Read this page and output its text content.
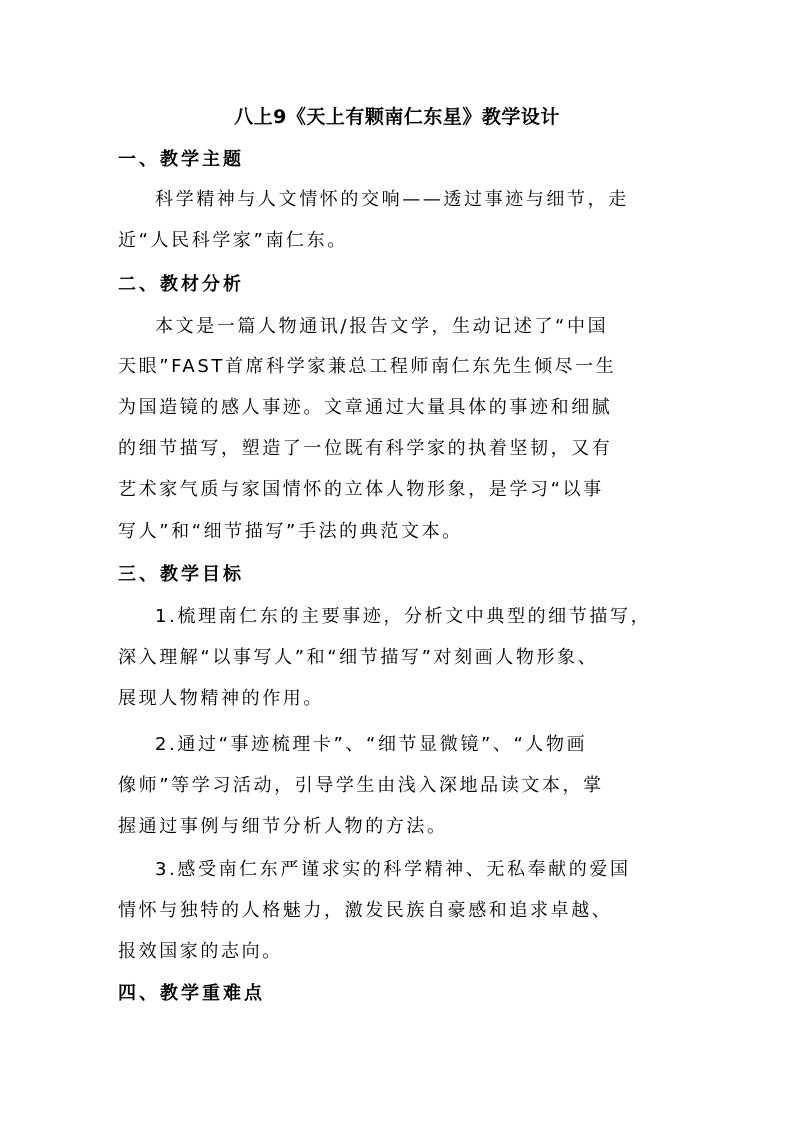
八上9《天上有颗南仁东星》教学设计
一、教学主题
科学精神与人文情怀的交响——透过事迹与细节，走
近“人民科学家”南仁东。
二、教材分析
本文是一篇人物通讯/报告文学，生动记述了“中国
天眼”FAST首席科学家兼总工程师南仁东先生倾尽一生
为国造镜的感人事迹。文章通过大量具体的事迹和细腻
的细节描写，塑造了一位既有科学家的执着坚韧，又有
艺术家气质与家国情怀的立体人物形象，是学习“以事
写人”和“细节描写”手法的典范文本。
三、教学目标
1.梳理南仁东的主要事迹，分析文中典型的细节描写，
深入理解“以事写人”和“细节描写”对刻画人物形象、
展现人物精神的作用。
2.通过“事迹梳理卡”、“细节显微镜”、“人物画
像师”等学习活动，引导学生由浅入深地品读文本，掌
握通过事例与细节分析人物的方法。
3.感受南仁东严谨求实的科学精神、无私奉献的爱国
情怀与独特的人格魅力，激发民族自豪感和追求卓越、
报效国家的志向。
四、教学重难点
